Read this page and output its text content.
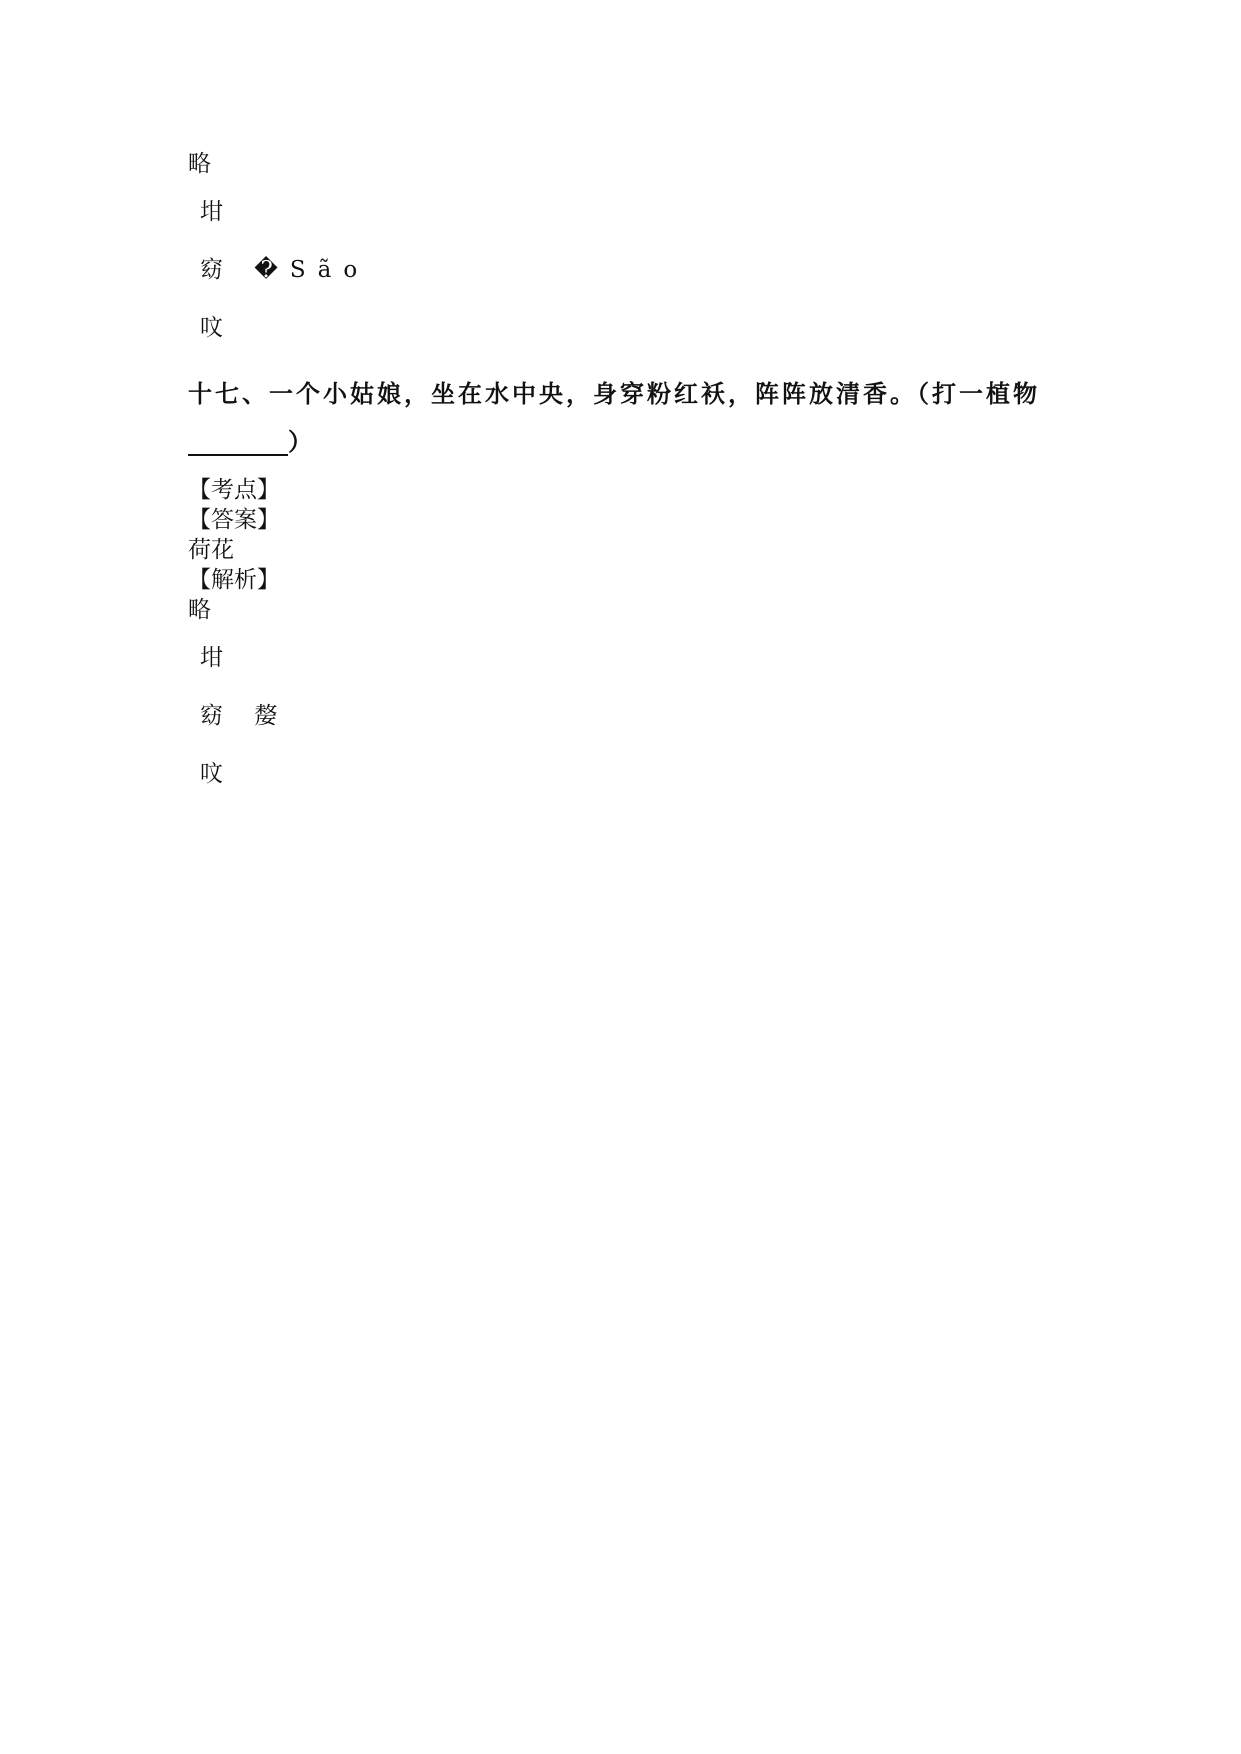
略
坩
窈 �São
呅
十七、一个小姑娘，坐在水中央，身穿粉红袄，阵阵放清香。（打一植物
）
【考点】
【答案】
荷花
【解析】
略
坩
窈 嫠
呅
